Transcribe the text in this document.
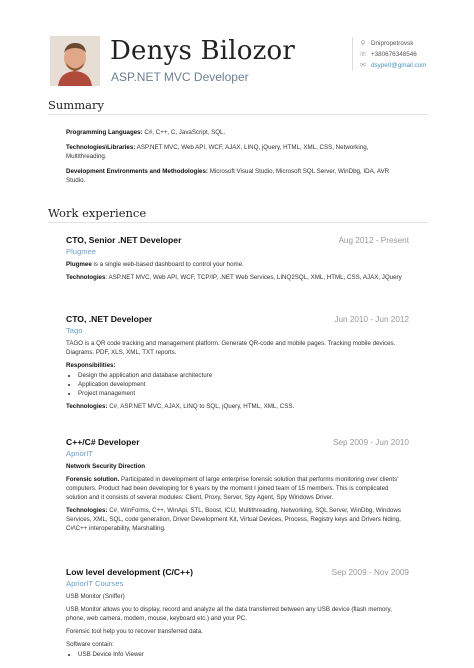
Denys Bilozor
ASP.NET MVC Developer
⚲ Dnipropetrovsk
☏ +380676348546
✉ dsype0@gmail.com
Summary

Programming Languages: C#, C++, C, JavaScript, SQL.

Technologies\Libraries: ASP.NET MVC, Web API, WCF, AJAX, LINQ, jQuery, HTML, XML, CSS, Networking, Multithreading.

Development Environments and Methodologies: Microsoft Visual Studio, Microsoft SQL Server, WinDbg, IDA, AVR Studio.

Work experience
CTO, Senior .NET Developer	Aug 2012 - Present
Plugmee

Plugmee is a single web-based dashboard to control your home.

Technologies: ASP.NET MVC, Web API, WCF, TCP/IP, .NET Web Services, LINQ2SQL, XML, HTML, CSS, AJAX, JQuery

CTO, .NET Developer	Jun 2010 - Jun 2012
Tago

TAGO is a QR code tracking and management platform. Generate QR-code and mobile pages. Tracking mobile devices. Diagrams. PDF, XLS, XML, TXT reports.

Responsibilities:

• Design the application and database architecture
• Application development
• Project management

Technologies: C#, ASP.NET MVC, AJAX, LINQ to SQL, jQuery, HTML, XML, CSS.

C++/C# Developer	Sep 2009 - Jun 2010
ApriorIT

Network Security Direction

Forensic solution. Participated in development of large enterprise forensic solution that performs monitoring over clients' computers. Product had been developing for 6 years by the moment I joined team of 15 members. This is complicated solution and it consists of several modules: Client, Proxy, Server, Spy Agent, Spy Windows Driver.

Technologies: C#, WinForms, C++, WinApi, STL, Boost, ICU, Multithreading, Networking, SQL Server, WinDbg, Windows Services, XML, SQL, code generation, Driver Development Kit, Virtual Devices, Process, Registry keys and Drivers hiding, C#\C++ interoperability, Marshalling.

Low level development (C/C++)	Sep 2009 - Nov 2009
ApriorIT Courses

USB Monitor (Sniffer)

USB Monitor allows you to display, record and analyze all the data transferred between any USB device (flash memory, phone, web camera, modem, mouse, keyboard etc.) and your PC.

Forensic tool help you to recover transferred data.

Software contain:

• USB Device Info Viewer
